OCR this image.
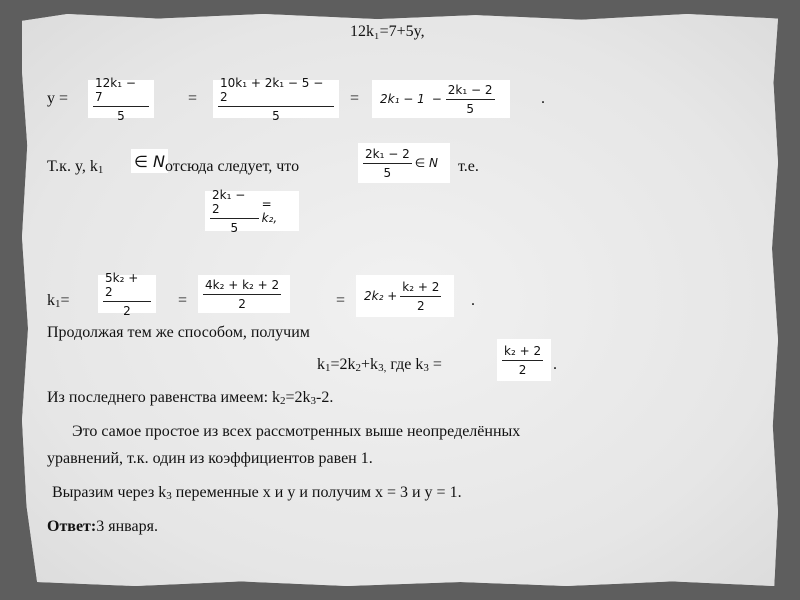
12k₁=7+5y,
$y = \frac{\text{12k₁ − 7}}{5} = \frac{\text{10k₁ + 2k₁ − 5 − 2}}{5} = 2k_1 - 1 - \frac{\text{2k₁ − 2}}{5}$	.
Т.к. y, k1 ∈ N отсюда следует, что	$\frac{\text{2k₁ − 2}}{5}$ ∈ N т.е.
$\frac{\text{2k₁ − 2}}{5} = k_2$,
k1=	$\frac{\text{5k₂ + 2}}{2} = \frac{\text{4k₂ + k₂ + 2}}{2}$	= $2k_2 + \frac{\text{k₂ + 2}}{2}$ .
Продолжая тем же способом, получим
k1=2k2+k3, где k3 =	$\frac{\text{k₂ + 2}}{2}$ .
Из последнего равенства имеем: k2=2k3-2.
Это самое простое из всех рассмотренных выше неопределённых
уравнений, т.к. один из коэффициентов равен 1.
Выразим через k3 переменные x и y и получим x = 3 и y = 1.
Ответ:3 января.
